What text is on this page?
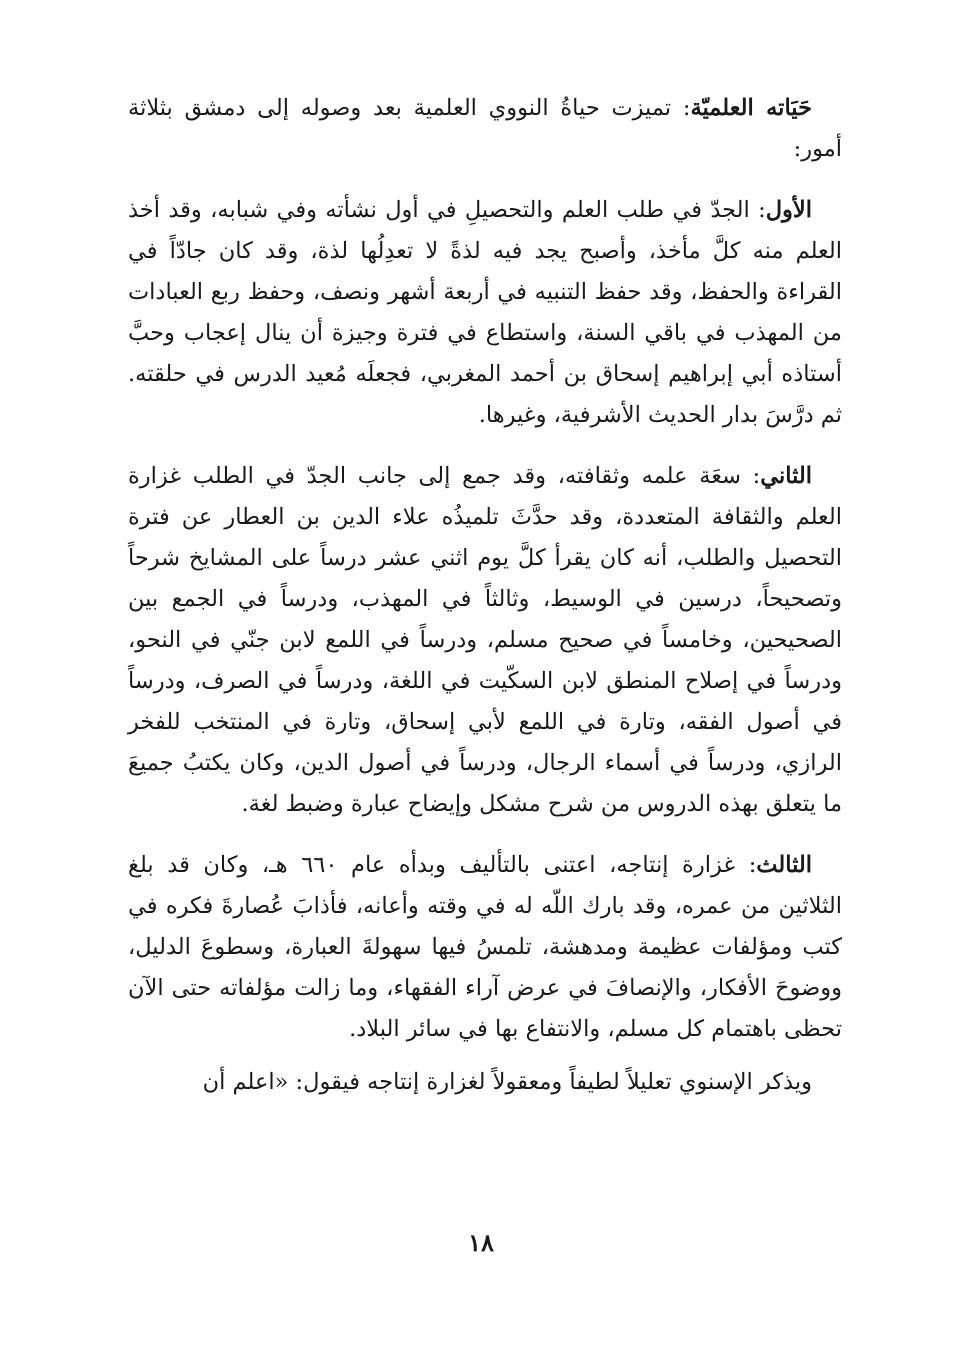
حَيَاته العلميّة: تميزت حياةُ النووي العلمية بعد وصوله إلى دمشق بثلاثة أمور:

الأول: الجدّ في طلب العلم والتحصيلِ في أول نشأته وفي شبابه، وقد أخذ العلم منه كلَّ مأخذ، وأصبح يجد فيه لذةً لا تعدِلُها لذة، وقد كان جادّاً في القراءة والحفظ، وقد حفظ التنبيه في أربعة أشهر ونصف، وحفظ ربع العبادات من المهذب في باقي السنة، واستطاع في فترة وجيزة أن ينال إعجاب وحبَّ أستاذه أبي إبراهيم إسحاق بن أحمد المغربي، فجعلَه مُعيد الدرس في حلقته. ثم درَّسَ بدار الحديث الأشرفية، وغيرها.

الثاني: سعَة علمه وثقافته، وقد جمع إلى جانب الجدّ في الطلب غزارة العلم والثقافة المتعددة، وقد حدَّثَ تلميذُه علاء الدين بن العطار عن فترة التحصيل والطلب، أنه كان يقرأ كلَّ يوم اثني عشر درساً على المشايخ شرحاً وتصحيحاً، درسين في الوسيط، وثالثاً في المهذب، ودرساً في الجمع بين الصحيحين، وخامساً في صحيح مسلم، ودرساً في اللمع لابن جنّي في النحو، ودرساً في إصلاح المنطق لابن السكّيت في اللغة، ودرساً في الصرف، ودرساً في أصول الفقه، وتارة في اللمع لأبي إسحاق، وتارة في المنتخب للفخر الرازي، ودرساً في أسماء الرجال، ودرساً في أصول الدين، وكان يكتبُ جميعَ ما يتعلق بهذه الدروس من شرح مشكل وإيضاح عبارة وضبط لغة.

الثالث: غزارة إنتاجه، اعتنى بالتأليف وبدأه عام ٦٦٠ هـ، وكان قد بلغ الثلاثين من عمره، وقد بارك اللّه له في وقته وأعانه، فأذابَ عُصارةَ فكره في كتب ومؤلفات عظيمة ومدهشة، تلمسُ فيها سهولةَ العبارة، وسطوعَ الدليل، ووضوحَ الأفكار، والإنصافَ في عرض آراء الفقهاء، وما زالت مؤلفاته حتى الآن تحظى باهتمام كل مسلم، والانتفاع بها في سائر البلاد.

ويذكر الإسنوي تعليلاً لطيفاً ومعقولاً لغزارة إنتاجه فيقول: «اعلم أن

١٨
